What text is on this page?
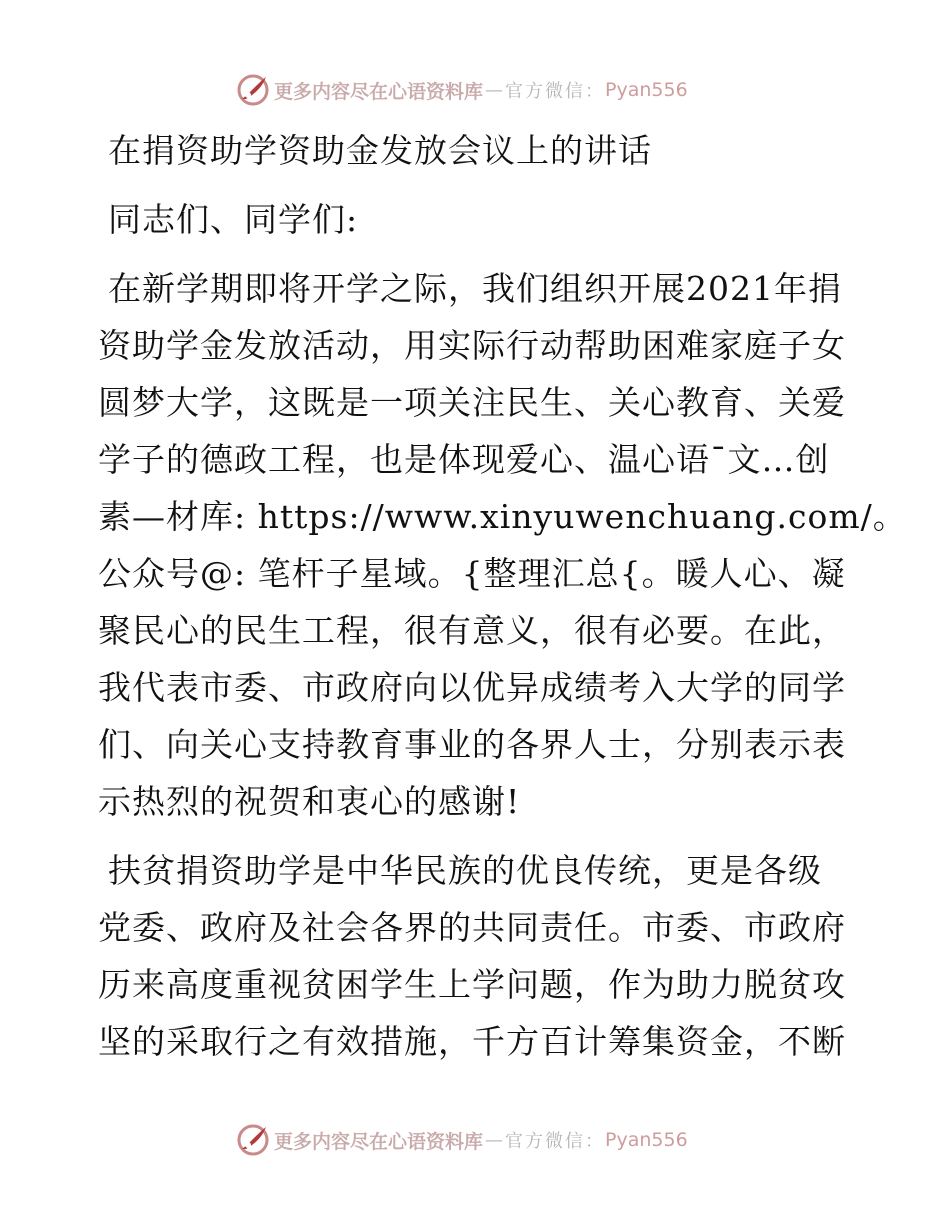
更多内容尽在心语资料库 — 官方微信： Pyan556
在捐资助学资助金发放会议上的讲话
同志们、同学们:
在新学期即将开学之际，我们组织开展2021年捐
资助学金发放活动，用实际行动帮助困难家庭子女
圆梦大学，这既是一项关注民生、关心教育、关爱
学子的德政工程，也是体现爱心、温心语¯文…创
素—材库: https://www.xinyuwenchuang.com/。
公众号@: 笔杆子星域。{整理汇总{。暖人心、凝
聚民心的民生工程，很有意义，很有必要。在此，
我代表市委、市政府向以优异成绩考入大学的同学
们、向关心支持教育事业的各界人士，分别表示表
示热烈的祝贺和衷心的感谢!
扶贫捐资助学是中华民族的优良传统，更是各级
党委、政府及社会各界的共同责任。市委、市政府
历来高度重视贫困学生上学问题，作为助力脱贫攻
坚的采取行之有效措施，千方百计筹集资金，不断
更多内容尽在心语资料库 — 官方微信： Pyan556
